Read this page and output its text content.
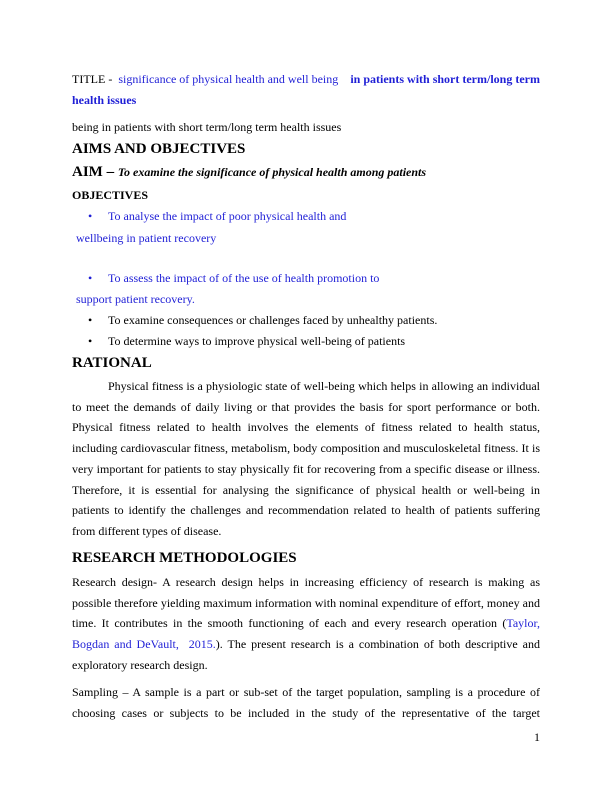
TITLE -  significance of physical health and well being in patients with short term/long term
health issues
being in patients with short term/long term health issues
AIMS AND OBJECTIVES
AIM – To examine the significance of physical health among patients
OBJECTIVES
• To analyse the impact of poor physical health and
wellbeing in patient recovery
• To assess the impact of of the use of health promotion to
support patient recovery.
• To examine consequences or challenges faced by unhealthy patients.
• To determine ways to improve physical well-being of patients
RATIONAL
Physical fitness is a physiologic state of well-being which helps in allowing an individual
to meet the demands of daily living or that provides the basis for sport performance or both.
Physical fitness related to health involves the elements of fitness related to health status,
including cardiovascular fitness, metabolism, body composition and musculoskeletal fitness. It is
very important for patients to stay physically fit for recovering from a specific disease or illness.
Therefore, it is essential for analysing the significance of physical health or well-being in
patients to identify the challenges and recommendation related to health of patients suffering
from different types of disease.
RESEARCH METHODOLOGIES
Research design- A research design helps in increasing efficiency of research is making as
possible therefore yielding maximum information with nominal expenditure of effort, money and
time. It contributes in the smooth functioning of each and every research operation (Taylor,
Bogdan and DeVault,  2015.). The present research is a combination of both descriptive and
exploratory research design.
Sampling – A sample is a part or sub-set of the target population, sampling is a procedure of
choosing cases or subjects to be included in the study of the representative of the target
1
